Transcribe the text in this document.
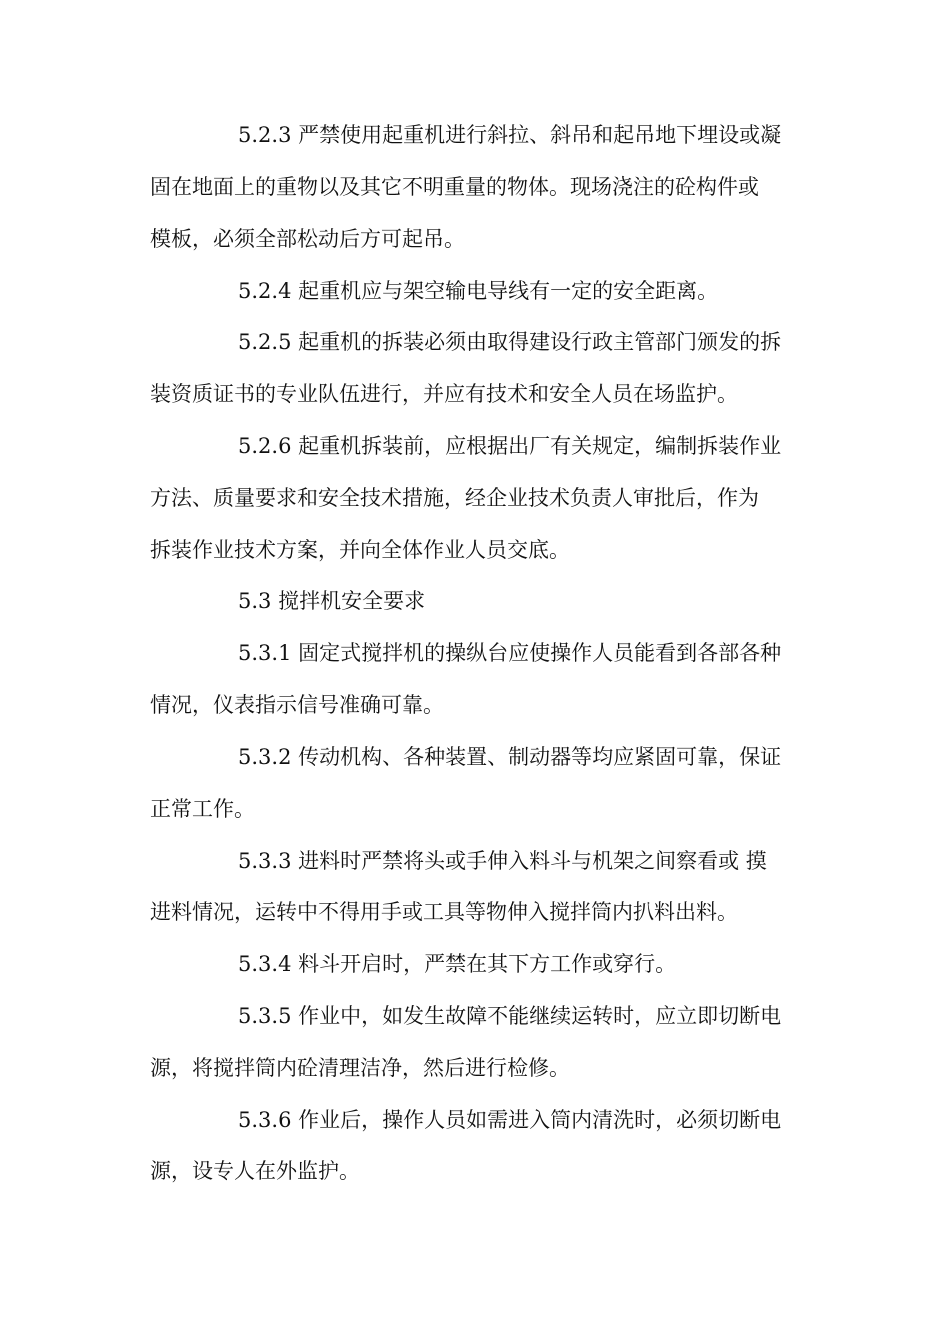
5.2.3 严禁使用起重机进行斜拉、斜吊和起吊地下埋设或凝
固在地面上的重物以及其它不明重量的物体。现场浇注的砼构件或
模板，必须全部松动后方可起吊。
5.2.4 起重机应与架空输电导线有一定的安全距离。
5.2.5 起重机的拆装必须由取得建设行政主管部门颁发的拆
装资质证书的专业队伍进行，并应有技术和安全人员在场监护。
5.2.6 起重机拆装前，应根据出厂有关规定，编制拆装作业
方法、质量要求和安全技术措施，经企业技术负责人审批后，作为
拆装作业技术方案，并向全体作业人员交底。
5.3 搅拌机安全要求
5.3.1 固定式搅拌机的操纵台应使操作人员能看到各部各种
情况，仪表指示信号准确可靠。
5.3.2 传动机构、各种装置、制动器等均应紧固可靠，保证
正常工作。
5.3.3 进料时严禁将头或手伸入料斗与机架之间察看或 摸
进料情况，运转中不得用手或工具等物伸入搅拌筒内扒料出料。
5.3.4 料斗开启时，严禁在其下方工作或穿行。
5.3.5 作业中，如发生故障不能继续运转时，应立即切断电
源，将搅拌筒内砼清理洁净，然后进行检修。
5.3.6 作业后，操作人员如需进入筒内清洗时，必须切断电
源，设专人在外监护。
